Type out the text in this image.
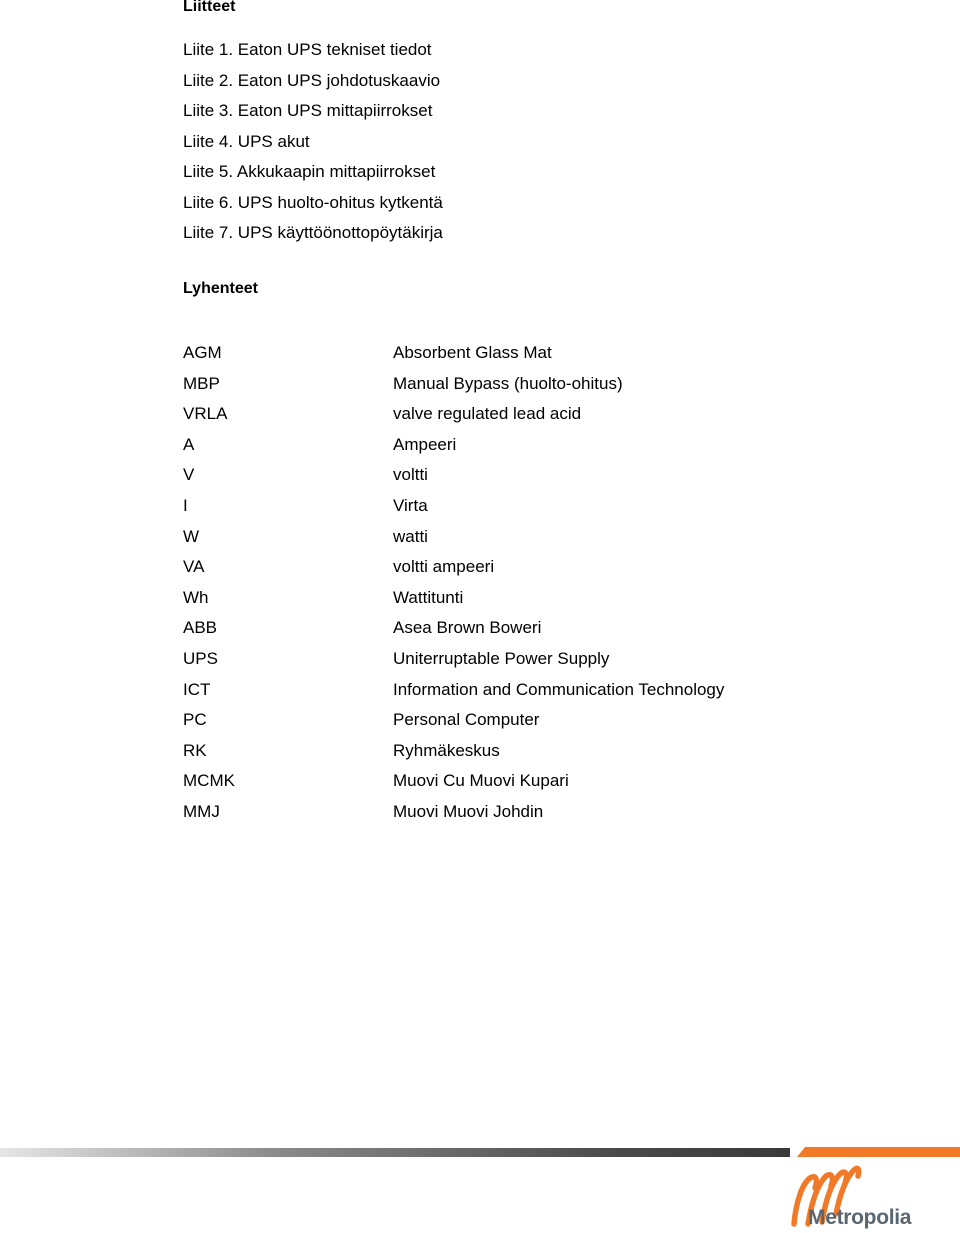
Liitteet
Liite 1. Eaton UPS tekniset tiedot
Liite 2. Eaton UPS johdotuskaavio
Liite 3. Eaton UPS mittapiirrokset
Liite 4. UPS akut
Liite 5. Akkukaapin mittapiirrokset
Liite 6. UPS huolto-ohitus kytkentä
Liite 7. UPS käyttöönottopöytäkirja
Lyhenteet
AGM	Absorbent Glass Mat
MBP	Manual Bypass (huolto-ohitus)
VRLA	valve regulated lead acid
A	Ampeeri
V	voltti
I	Virta
W	watti
VA	voltti ampeeri
Wh	Wattitunti
ABB	Asea Brown Boweri
UPS	Uniterruptable Power Supply
ICT	Information and Communication Technology
PC	Personal Computer
RK	Ryhmäkeskus
MCMK	Muovi Cu Muovi Kupari
MMJ	Muovi Muovi Johdin
Metropolia
